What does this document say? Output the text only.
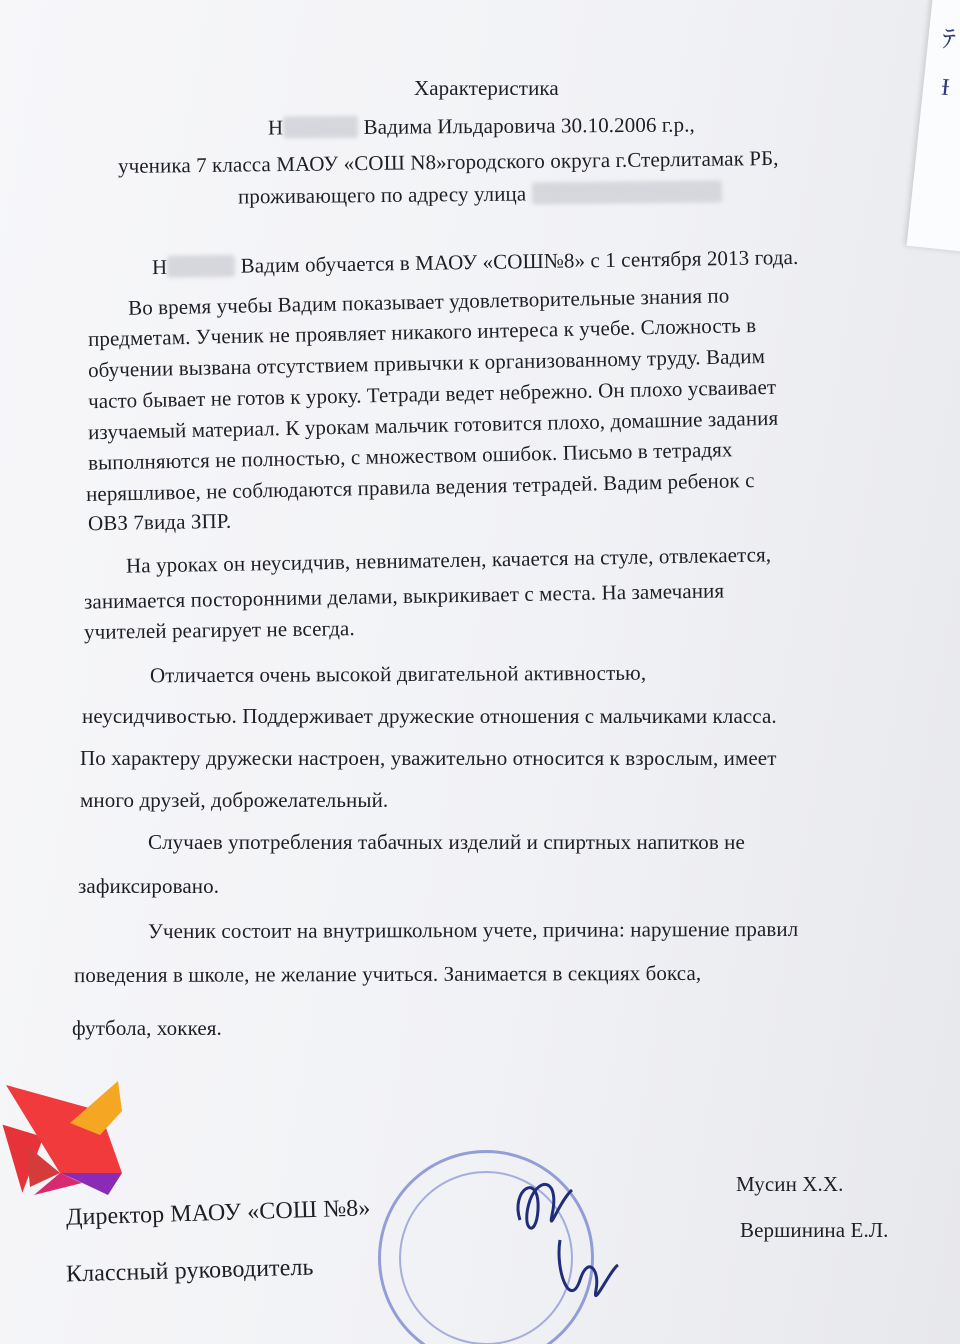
ﾃ
Ɨ
Характеристика
Н	Вадима Ильдаровича 30.10.2006 г.р.,
ученика 7 класса МАОУ «СОШ N8»городского округа г.Стерлитамак РБ,
проживающего по адресу улица
Н	Вадим обучается в МАОУ «СОШ№8» с 1 сентября 2013 года.
Во время учебы Вадим показывает удовлетворительные знания по
предметам. Ученик не проявляет никакого интереса к учебе. Сложность в
обучении вызвана отсутствием привычки к организованному труду. Вадим
часто бывает не готов к уроку. Тетради ведет небрежно. Он плохо усваивает
изучаемый материал. К урокам мальчик готовится плохо, домашние задания
выполняются не полностью, с множеством ошибок. Письмо в тетрадях
неряшливое, не соблюдаются правила ведения тетрадей. Вадим ребенок с
ОВЗ 7вида ЗПР.
На уроках он неусидчив, невнимателен, качается на стуле, отвлекается,
занимается посторонними делами, выкрикивает с места. На замечания
учителей реагирует не всегда.
Отличается очень высокой двигательной активностью,
неусидчивостью. Поддерживает дружеские отношения с мальчиками класса.
По характеру дружески настроен, уважительно относится к взрослым, имеет
много друзей, доброжелательный.
Случаев употребления табачных изделий и спиртных напитков не
зафиксировано.
Ученик состоит на внутришкольном учете, причина: нарушение правил
поведения в школе, не желание учиться. Занимается в секциях бокса,
футбола, хоккея.
Мусин Х.Х.
Директор МАОУ «СОШ №8»	Вершинина Е.Л.
Классный руководитель
